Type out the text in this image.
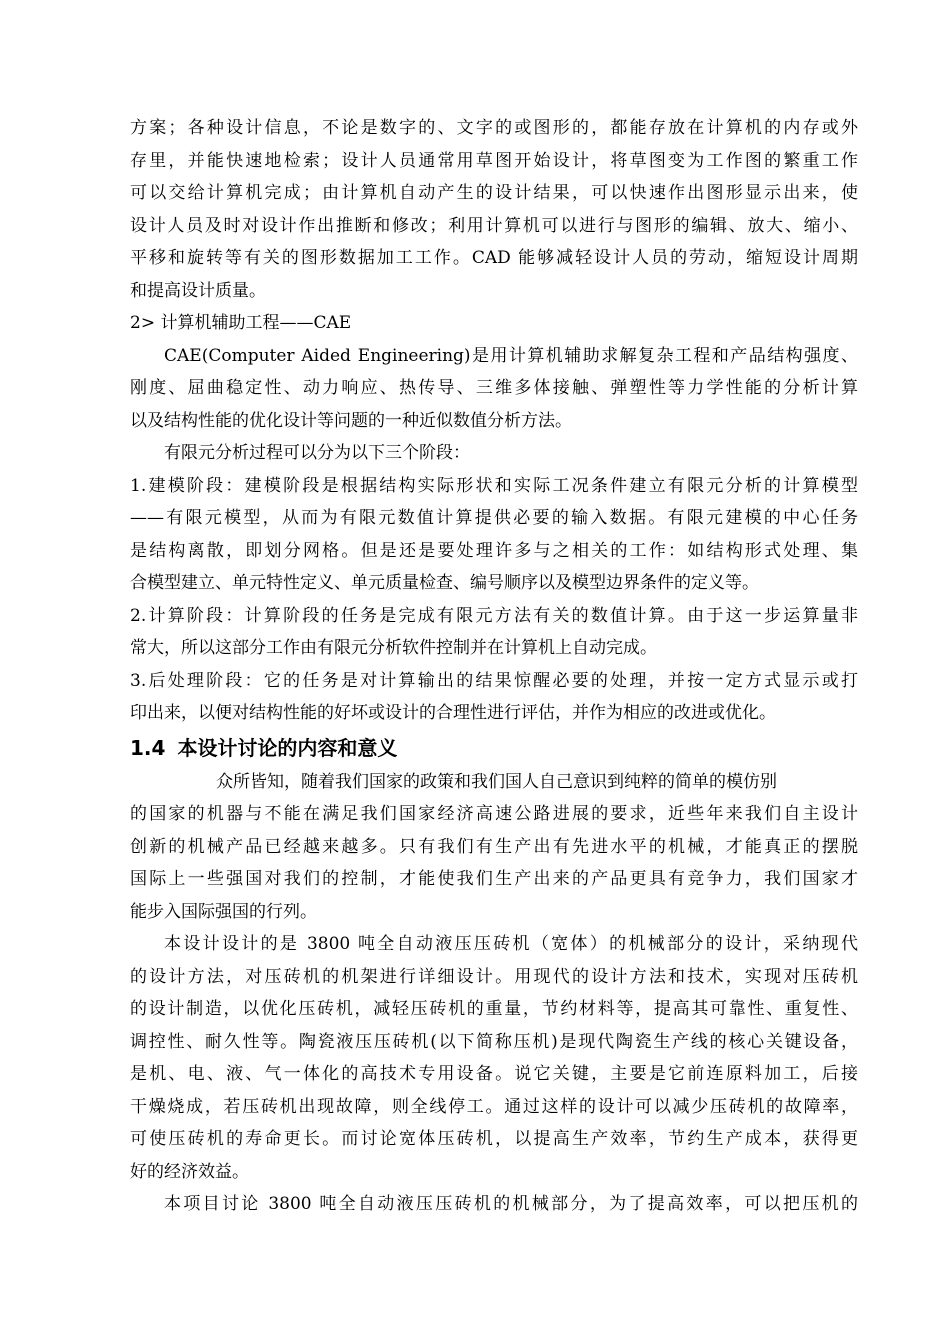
方案；各种设计信息，不论是数字的、文字的或图形的，都能存放在计算机的内存或外
存里，并能快速地检索；设计人员通常用草图开始设计，将草图变为工作图的繁重工作
可以交给计算机完成；由计算机自动产生的设计结果，可以快速作出图形显示出来，使
设计人员及时对设计作出推断和修改；利用计算机可以进行与图形的编辑、放大、缩小、
平移和旋转等有关的图形数据加工工作。CAD 能够减轻设计人员的劳动，缩短设计周期
和提高设计质量。
2> 计算机辅助工程——CAE
CAE(Computer Aided Engineering)是用计算机辅助求解复杂工程和产品结构强度、
刚度、屈曲稳定性、动力响应、热传导、三维多体接触、弹塑性等力学性能的分析计算
以及结构性能的优化设计等问题的一种近似数值分析方法。
有限元分析过程可以分为以下三个阶段：
1.建模阶段：建模阶段是根据结构实际形状和实际工况条件建立有限元分析的计算模型
——有限元模型，从而为有限元数值计算提供必要的输入数据。有限元建模的中心任务
是结构离散，即划分网格。但是还是要处理许多与之相关的工作：如结构形式处理、集
合模型建立、单元特性定义、单元质量检查、编号顺序以及模型边界条件的定义等。
2.计算阶段：计算阶段的任务是完成有限元方法有关的数值计算。由于这一步运算量非
常大，所以这部分工作由有限元分析软件控制并在计算机上自动完成。
3.后处理阶段：它的任务是对计算输出的结果惊醒必要的处理，并按一定方式显示或打
印出来，以便对结构性能的好坏或设计的合理性进行评估，并作为相应的改进或优化。
1.4 本设计讨论的内容和意义
众所皆知，随着我们国家的政策和我们国人自己意识到纯粹的简单的模仿别
的国家的机器与不能在满足我们国家经济高速公路进展的要求，近些年来我们自主设计
创新的机械产品已经越来越多。只有我们有生产出有先进水平的机械，才能真正的摆脱
国际上一些强国对我们的控制，才能使我们生产出来的产品更具有竞争力，我们国家才
能步入国际强国的行列。
本设计设计的是 3800 吨全自动液压压砖机（宽体）的机械部分的设计，采纳现代
的设计方法，对压砖机的机架进行详细设计。用现代的设计方法和技术，实现对压砖机
的设计制造，以优化压砖机，减轻压砖机的重量，节约材料等，提高其可靠性、重复性、
调控性、耐久性等。陶瓷液压压砖机(以下简称压机)是现代陶瓷生产线的核心关键设备，
是机、电、液、气一体化的高技术专用设备。说它关键，主要是它前连原料加工，后接
干燥烧成，若压砖机出现故障，则全线停工。通过这样的设计可以减少压砖机的故障率，
可使压砖机的寿命更长。而讨论宽体压砖机，以提高生产效率，节约生产成本，获得更
好的经济效益。
本项目讨论 3800 吨全自动液压压砖机的机械部分，为了提高效率，可以把压机的
